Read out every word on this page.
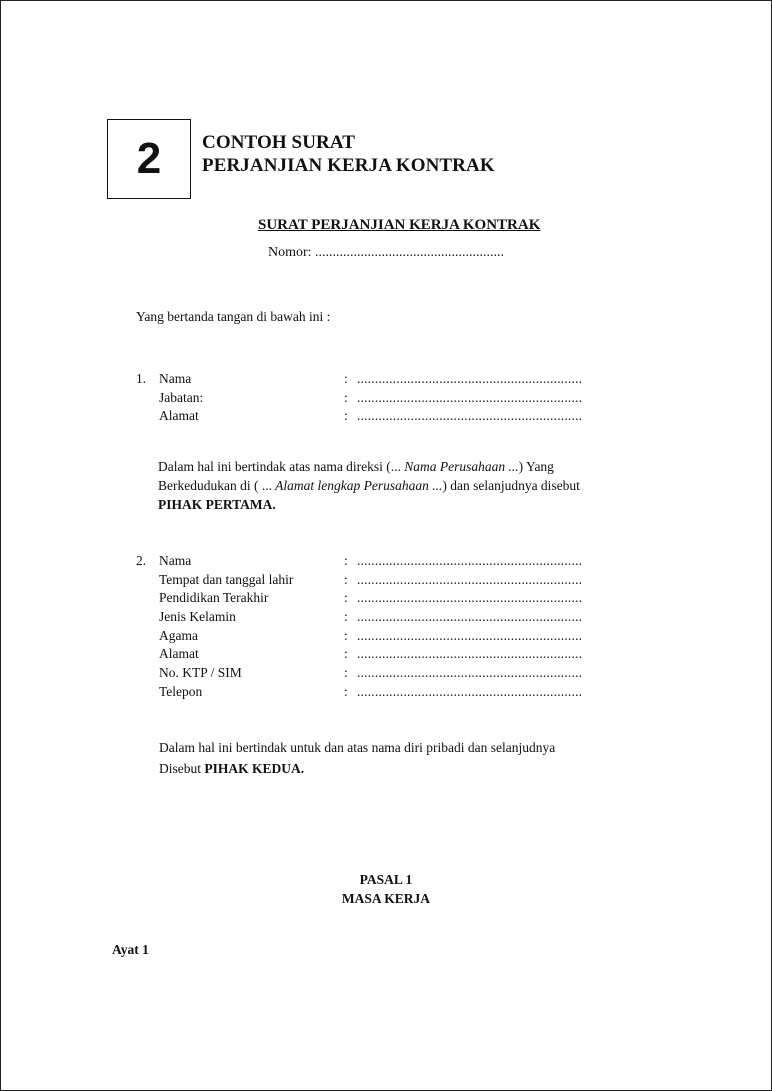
2	CONTOH SURAT
PERJANJIAN KERJA KONTRAK
SURAT PERJANJIAN KERJA KONTRAK
Nomor: ......................................................
Yang bertanda tangan di bawah ini :
1. Nama	: ...............................................................
Jabatan:	: ...............................................................
Alamat	: ...............................................................
Dalam hal ini bertindak atas nama direksi (... Nama Perusahaan ...) Yang
Berkedudukan di ( ... Alamat lengkap Perusahaan ...) dan selanjudnya disebut
PIHAK PERTAMA.
2. Nama	: ...............................................................
Tempat dan tanggal lahir	: ...............................................................
Pendidikan Terakhir	: ...............................................................
Jenis Kelamin	: ...............................................................
Agama	: ...............................................................
Alamat	: ...............................................................
No. KTP / SIM	: ...............................................................
Telepon	: ...............................................................
Dalam hal ini bertindak untuk dan atas nama diri pribadi dan selanjudnya
Disebut PIHAK KEDUA.
PASAL 1
MASA KERJA
Ayat 1
